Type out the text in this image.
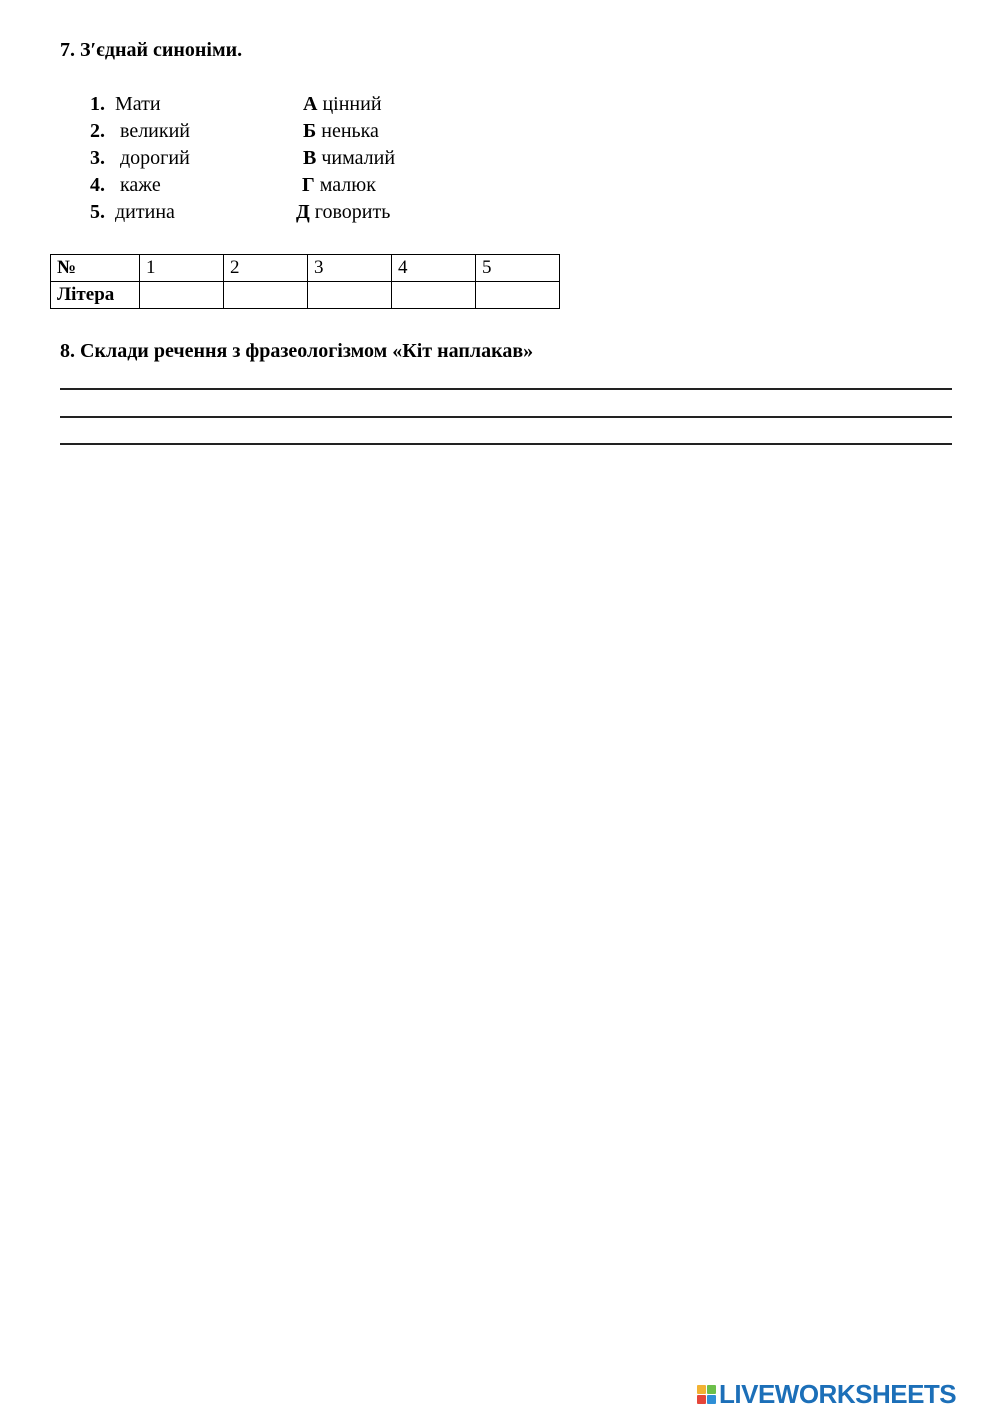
7. З′єднай синоніми.
1. Мати	А цінний
2. великий	Б ненька
3. дорогий	В чималий
4. каже	Г малюк
5. дитина	Д говорить
№	1	2	3	4	5
Літера					
8. Склади речення з фразеологізмом «Кіт наплакав»
LIVEWORKSHEETS
